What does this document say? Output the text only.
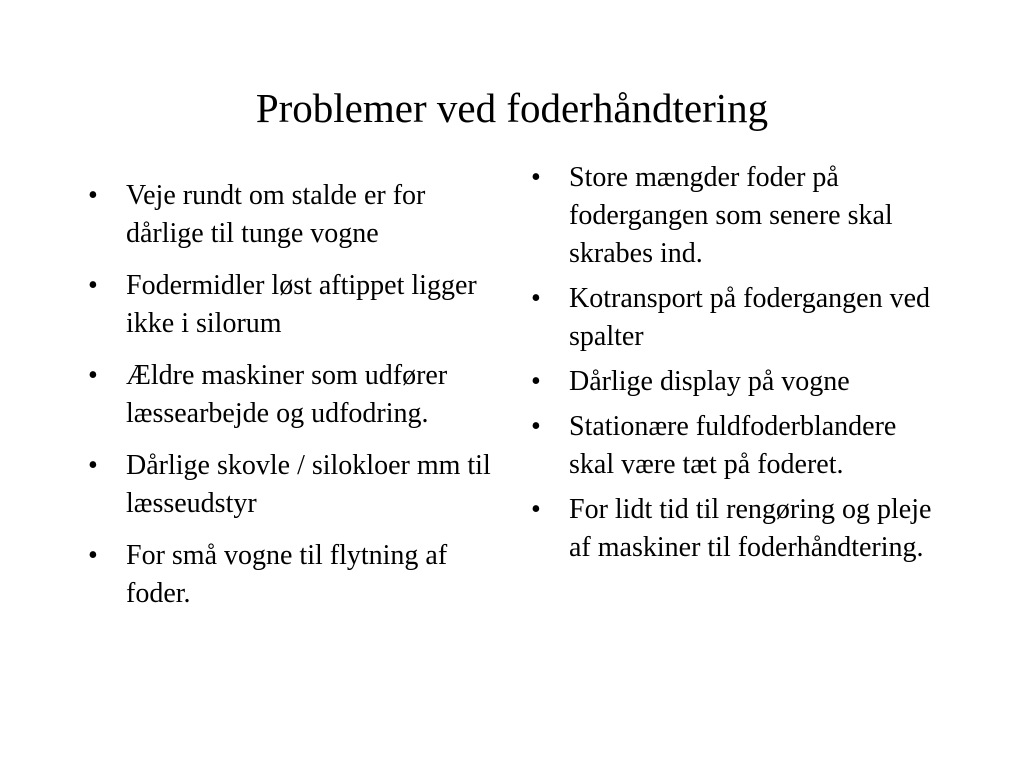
Problemer ved foderhåndtering
• Veje rundt om stalde er for dårlige til tunge vogne
• Fodermidler løst aftippet ligger ikke i silorum
• Ældre maskiner som udfører læssearbejde og udfodring.
• Dårlige skovle / silokloer mm til læsseudstyr
• For små vogne til flytning af foder.
• Store mængder foder på fodergangen som senere skal skrabes ind.
• Kotransport på fodergangen ved spalter
• Dårlige display på vogne
• Stationære fuldfoderblandere skal være tæt på foderet.
• For lidt tid til rengøring og pleje af maskiner til foderhåndtering.
